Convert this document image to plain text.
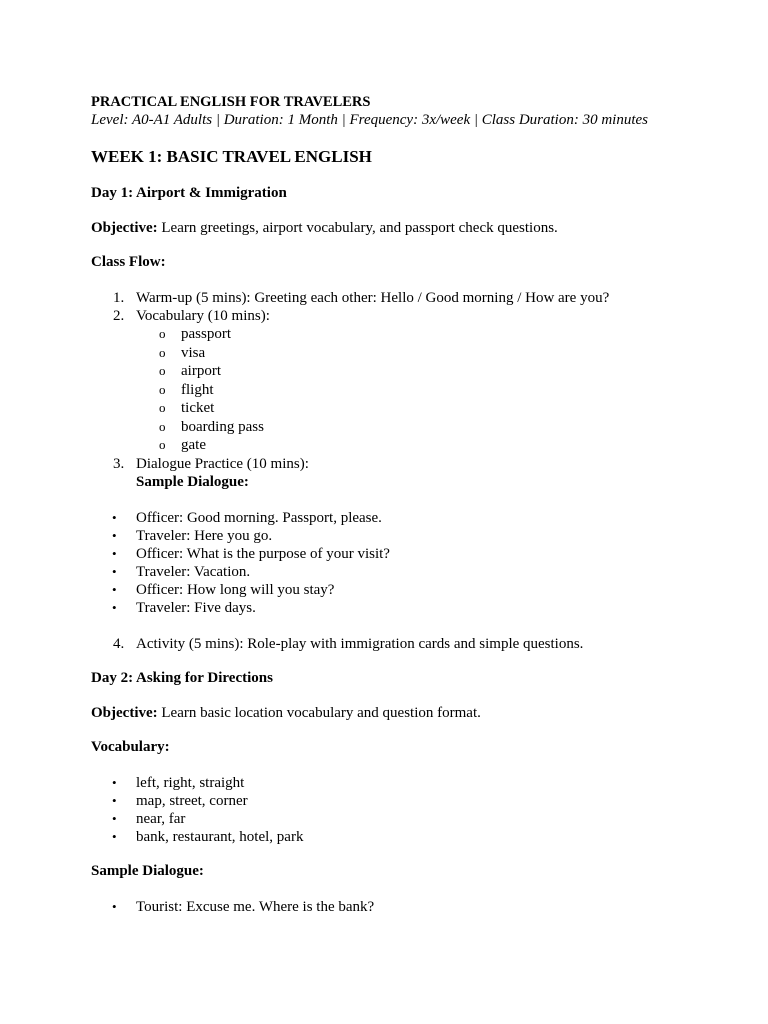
PRACTICAL ENGLISH FOR TRAVELERS

Level: A0-A1 Adults | Duration: 1 Month | Frequency: 3x/week | Class Duration: 30 minutes

WEEK 1: BASIC TRAVEL ENGLISH

Day 1: Airport & Immigration

Objective: Learn greetings, airport vocabulary, and passport check questions.

Class Flow:

1. Warm-up (5 mins): Greeting each other: Hello / Good morning / How are you?
2. Vocabulary (10 mins):
o passport
o visa
o airport
o flight
o ticket
o boarding pass
o gate
3. Dialogue Practice (10 mins):
Sample Dialogue:
• Officer: Good morning. Passport, please.
• Traveler: Here you go.
• Officer: What is the purpose of your visit?
• Traveler: Vacation.
• Officer: How long will you stay?
• Traveler: Five days.
4. Activity (5 mins): Role-play with immigration cards and simple questions.

Day 2: Asking for Directions

Objective: Learn basic location vocabulary and question format.

Vocabulary:

• left, right, straight
• map, street, corner
• near, far
• bank, restaurant, hotel, park

Sample Dialogue:

• Tourist: Excuse me. Where is the bank?
